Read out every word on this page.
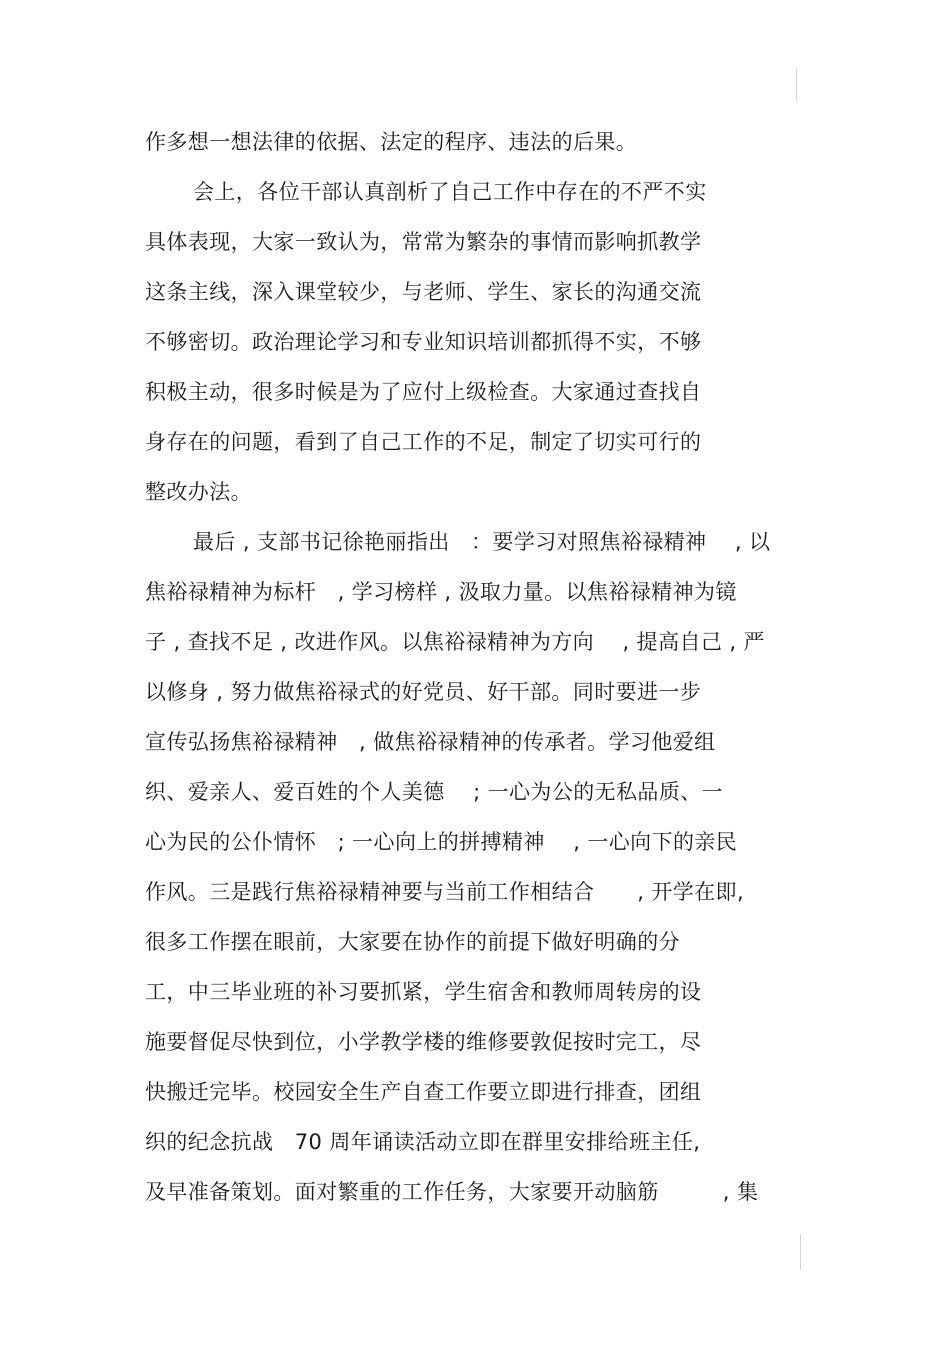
作多想一想法律的依据、法定的程序、违法的后果。
会上，各位干部认真剖析了自己工作中存在的不严不实
具体表现，大家一致认为，常常为繁杂的事情而影响抓教学
这条主线，深入课堂较少，与老师、学生、家长的沟通交流
不够密切。政治理论学习和专业知识培训都抓得不实，不够
积极主动，很多时候是为了应付上级检查。大家通过查找自
身存在的问题，看到了自己工作的不足，制定了切实可行的
整改办法。
最后 , 支部书记徐艳丽指出　：要学习对照焦裕禄精神　 , 以
焦裕禄精神为标杆　, 学习榜样 , 汲取力量。以焦裕禄精神为镜
子 , 查找不足 , 改进作风。以焦裕禄精神为方向　 , 提高自己 , 严
以修身 , 努力做焦裕禄式的好党员、好干部。同时要进一步
宣传弘扬焦裕禄精神　, 做焦裕禄精神的传承者。学习他爱组
织、爱亲人、爱百姓的个人美德　 ; 一心为公的无私品质、一
心为民的公仆情怀　; 一心向上的拼搏精神　 , 一心向下的亲民
作风。三是践行焦裕禄精神要与当前工作相结合　　, 开学在即,
很多工作摆在眼前，大家要在协作的前提下做好明确的分
工，中三毕业班的补习要抓紧，学生宿舍和教师周转房的设
施要督促尽快到位，小学教学楼的维修要敦促按时完工，尽
快搬迁完毕。校园安全生产自查工作要立即进行排查，团组
织的纪念抗战　70 周年诵读活动立即在群里安排给班主任,
及早准备策划。面对繁重的工作任务，大家要开动脑筋　　　, 集
